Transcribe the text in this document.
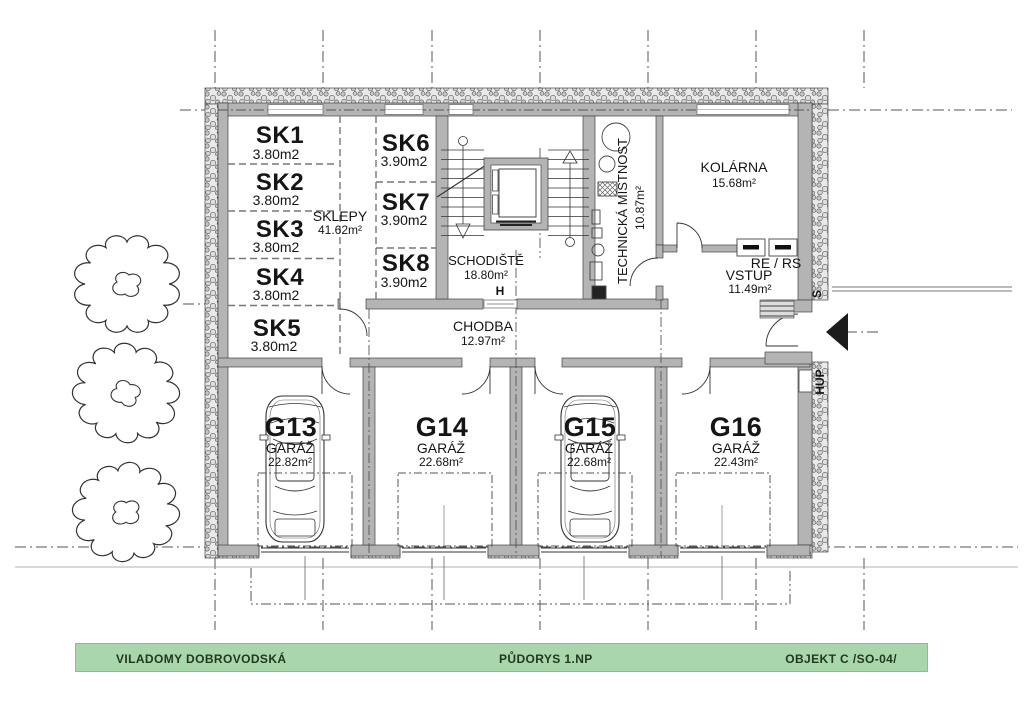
SK1
3.80m2
SK2
3.80m2
SK3
3.80m2
SK4
3.80m2
SK5
3.80m2
SK6
3.90m2
SK7
3.90m2
SK8
3.90m2
SKLEPY
41.62m²
SCHODIŠTĚ
18.80m²
H
TECHNICKÁ MÍSTNOST 10.87m²
KOLÁRNA
15.68m²
RE / RS
VSTUP
11.49m²
CHODBA
12.97m²
G13
GARÁŽ
22.82m²
G14
GARÁŽ
22.68m²
G15
GARÁŽ
22.68m²
G16
GARÁŽ
22.43m²
HUP
S
VILADOMY DOBROVODSKÁ	PŮDORYS 1.NP	OBJEKT C /SO-04/
